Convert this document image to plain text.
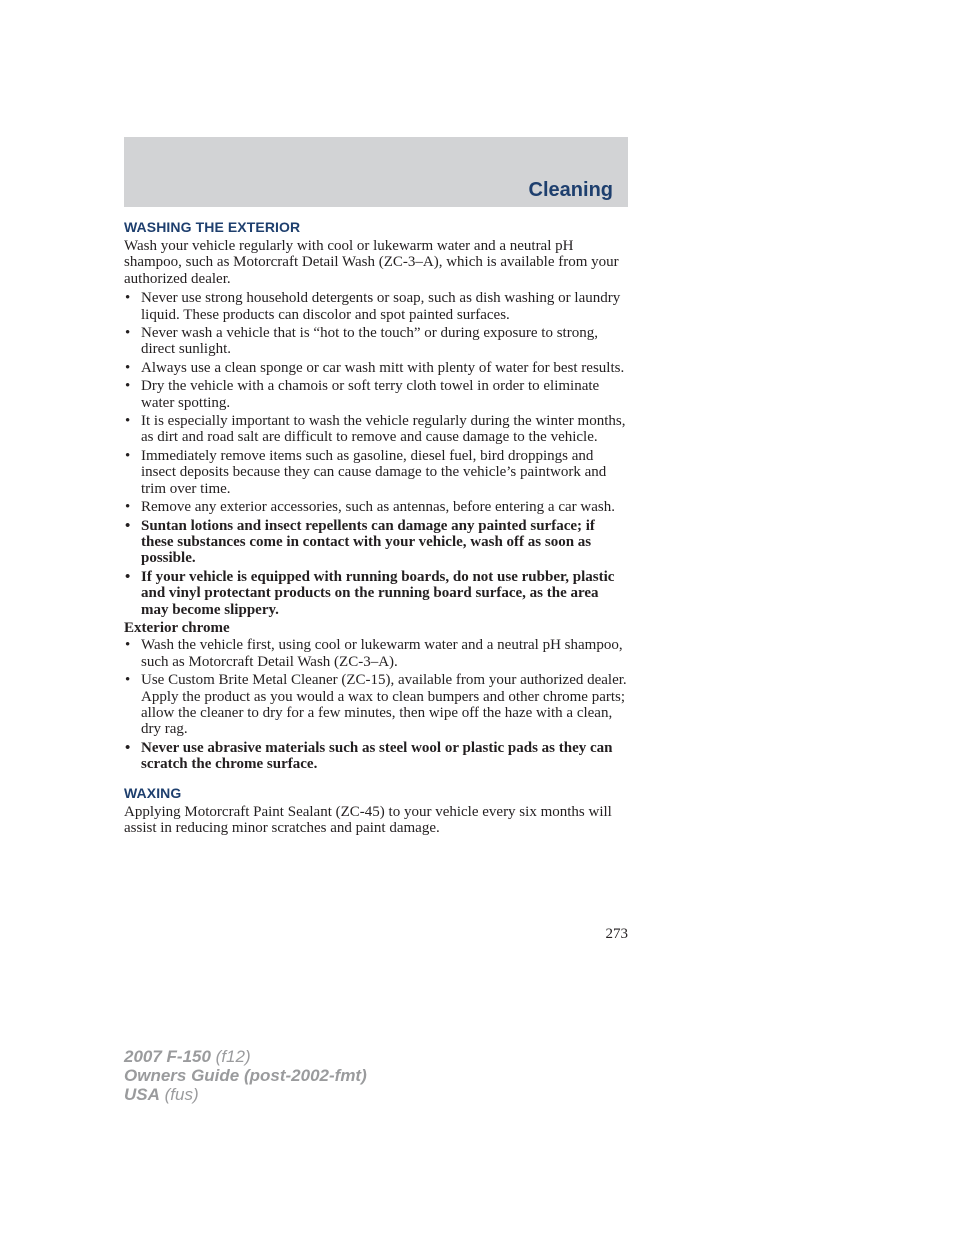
Cleaning
WASHING THE EXTERIOR
Wash your vehicle regularly with cool or lukewarm water and a neutral pH shampoo, such as Motorcraft Detail Wash (ZC-3–A), which is available from your authorized dealer.
• Never use strong household detergents or soap, such as dish washing or laundry liquid. These products can discolor and spot painted surfaces.
• Never wash a vehicle that is “hot to the touch” or during exposure to strong, direct sunlight.
• Always use a clean sponge or car wash mitt with plenty of water for best results.
• Dry the vehicle with a chamois or soft terry cloth towel in order to eliminate water spotting.
• It is especially important to wash the vehicle regularly during the winter months, as dirt and road salt are difficult to remove and cause damage to the vehicle.
• Immediately remove items such as gasoline, diesel fuel, bird droppings and insect deposits because they can cause damage to the vehicle’s paintwork and trim over time.
• Remove any exterior accessories, such as antennas, before entering a car wash.
• Suntan lotions and insect repellents can damage any painted surface; if these substances come in contact with your vehicle, wash off as soon as possible.
• If your vehicle is equipped with running boards, do not use rubber, plastic and vinyl protectant products on the running board surface, as the area may become slippery.
Exterior chrome
• Wash the vehicle first, using cool or lukewarm water and a neutral pH shampoo, such as Motorcraft Detail Wash (ZC-3–A).
• Use Custom Brite Metal Cleaner (ZC-15), available from your authorized dealer. Apply the product as you would a wax to clean bumpers and other chrome parts; allow the cleaner to dry for a few minutes, then wipe off the haze with a clean, dry rag.
• Never use abrasive materials such as steel wool or plastic pads as they can scratch the chrome surface.
WAXING
Applying Motorcraft Paint Sealant (ZC-45) to your vehicle every six months will assist in reducing minor scratches and paint damage.
273
2007 F-150 (f12)
Owners Guide (post-2002-fmt)
USA (fus)
